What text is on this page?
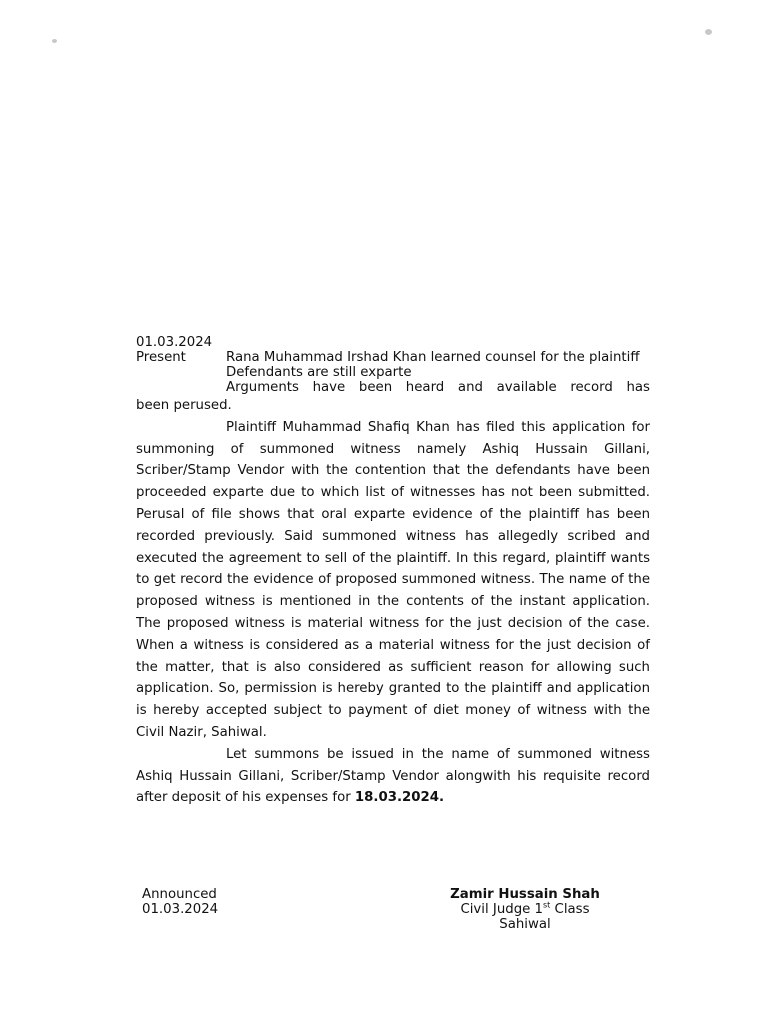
01.03.2024
Present	Rana Muhammad Irshad Khan learned counsel for the plaintiff
Defendants are still exparte
Arguments have been heard and available record has
been perused.

Plaintiff Muhammad Shafiq Khan has filed this application for summoning of summoned witness namely Ashiq Hussain Gillani, Scriber/Stamp Vendor with the contention that the defendants have been proceeded exparte due to which list of witnesses has not been submitted. Perusal of file shows that oral exparte evidence of the plaintiff has been recorded previously. Said summoned witness has allegedly scribed and executed the agreement to sell of the plaintiff. In this regard, plaintiff wants to get record the evidence of proposed summoned witness. The name of the proposed witness is mentioned in the contents of the instant application. The proposed witness is material witness for the just decision of the case. When a witness is considered as a material witness for the just decision of the matter, that is also considered as sufficient reason for allowing such application. So, permission is hereby granted to the plaintiff and application is hereby accepted subject to payment of diet money of witness with the Civil Nazir, Sahiwal.

Let summons be issued in the name of summoned witness Ashiq Hussain Gillani, Scriber/Stamp Vendor alongwith his requisite record after deposit of his expenses for 18.03.2024.

Announced
01.03.2024
Zamir Hussain Shah
Civil Judge 1st Class
Sahiwal
